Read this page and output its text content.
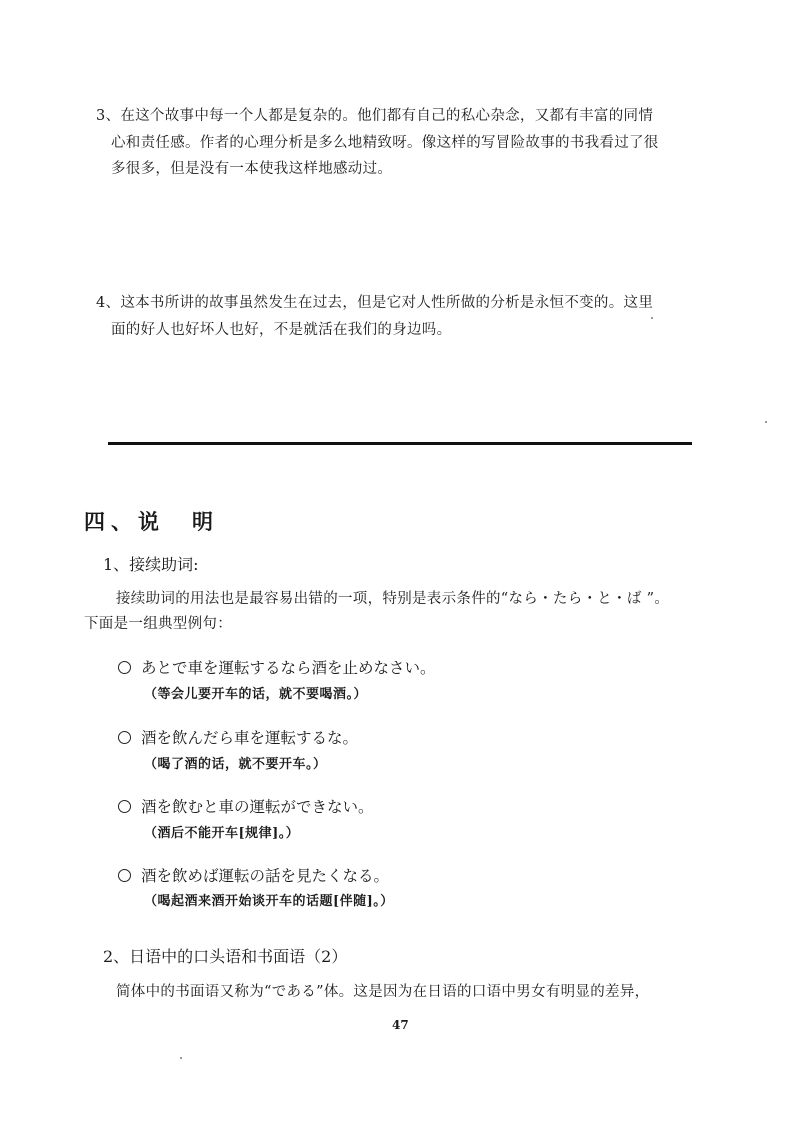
3、在这个故事中每一个人都是复杂的。他们都有自己的私心杂念，又都有丰富的同情
心和责任感。作者的心理分析是多么地精致呀。像这样的写冒险故事的书我看过了很
多很多，但是没有一本使我这样地感动过。
4、这本书所讲的故事虽然发生在过去，但是它对人性所做的分析是永恒不变的。这里
面的好人也好坏人也好，不是就活在我们的身边吗。
四、说　明
1、接续助词:
接续助词的用法也是最容易出错的一项，特别是表示条件的“なら・たら・と・ば ”。
下面是一组典型例句：
あとで車を運転するなら酒を止めなさい。
（等会儿要开车的话，就不要喝酒。）
酒を飲んだら車を運転するな。
（喝了酒的话，就不要开车。）
酒を飲むと車の運転ができない。
（酒后不能开车[规律]。）
酒を飲めば運転の話を見たくなる。
（喝起酒来酒开始谈开车的话题[伴随]。）
2、日语中的口头语和书面语（2）
简体中的书面语又称为“である”体。这是因为在日语的口语中男女有明显的差异，
47
